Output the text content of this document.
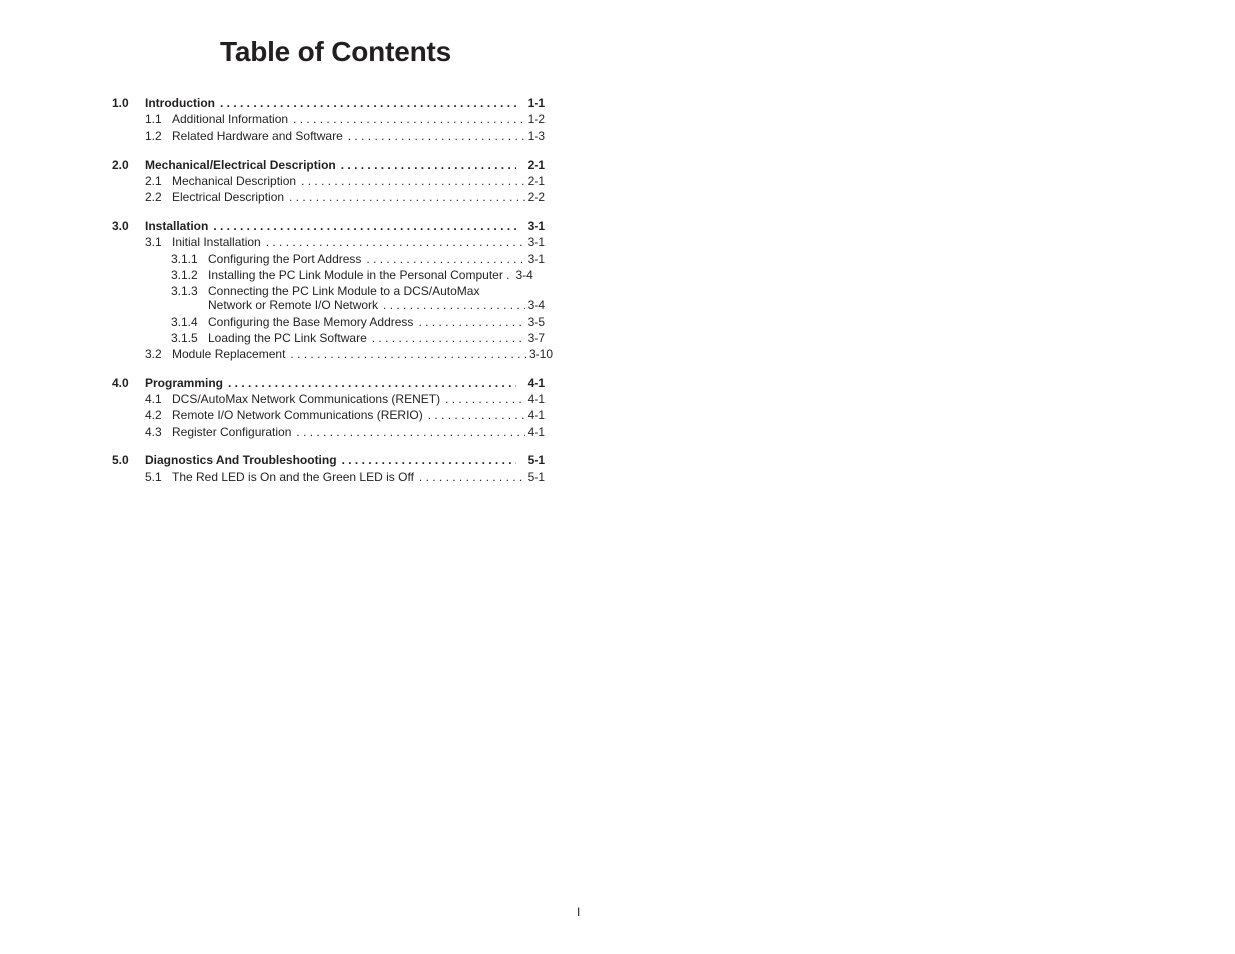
Table of Contents
1.0 Introduction . . .	1-1
1.1 Additional Information . . .	1-2
1.2 Related Hardware and Software . . .	1-3
2.0 Mechanical/Electrical Description . . .	2-1
2.1 Mechanical Description . . .	2-1
2.2 Electrical Description . . .	2-2
3.0 Installation . . .	3-1
3.1 Initial Installation . . .	3-1
3.1.1 Configuring the Port Address . . .	3-1
3.1.2 Installing the PC Link Module in the Personal Computer . 3-4
3.1.3 Connecting the PC Link Module to a DCS/AutoMax
Network or Remote I/O Network . . .	3-4
3.1.4 Configuring the Base Memory Address . . .	3-5
3.1.5 Loading the PC Link Software . . .	3-7
3.2 Module Replacement . . .	3-10
4.0 Programming . . .	4-1
4.1 DCS/AutoMax Network Communications (RENET) . . .	4-1
4.2 Remote I/O Network Communications (RERIO) . . .	4-1
4.3 Register Configuration . . .	4-1
5.0 Diagnostics And Troubleshooting . . .	5-1
5.1 The Red LED is On and the Green LED is Off . . .	5-1
I
